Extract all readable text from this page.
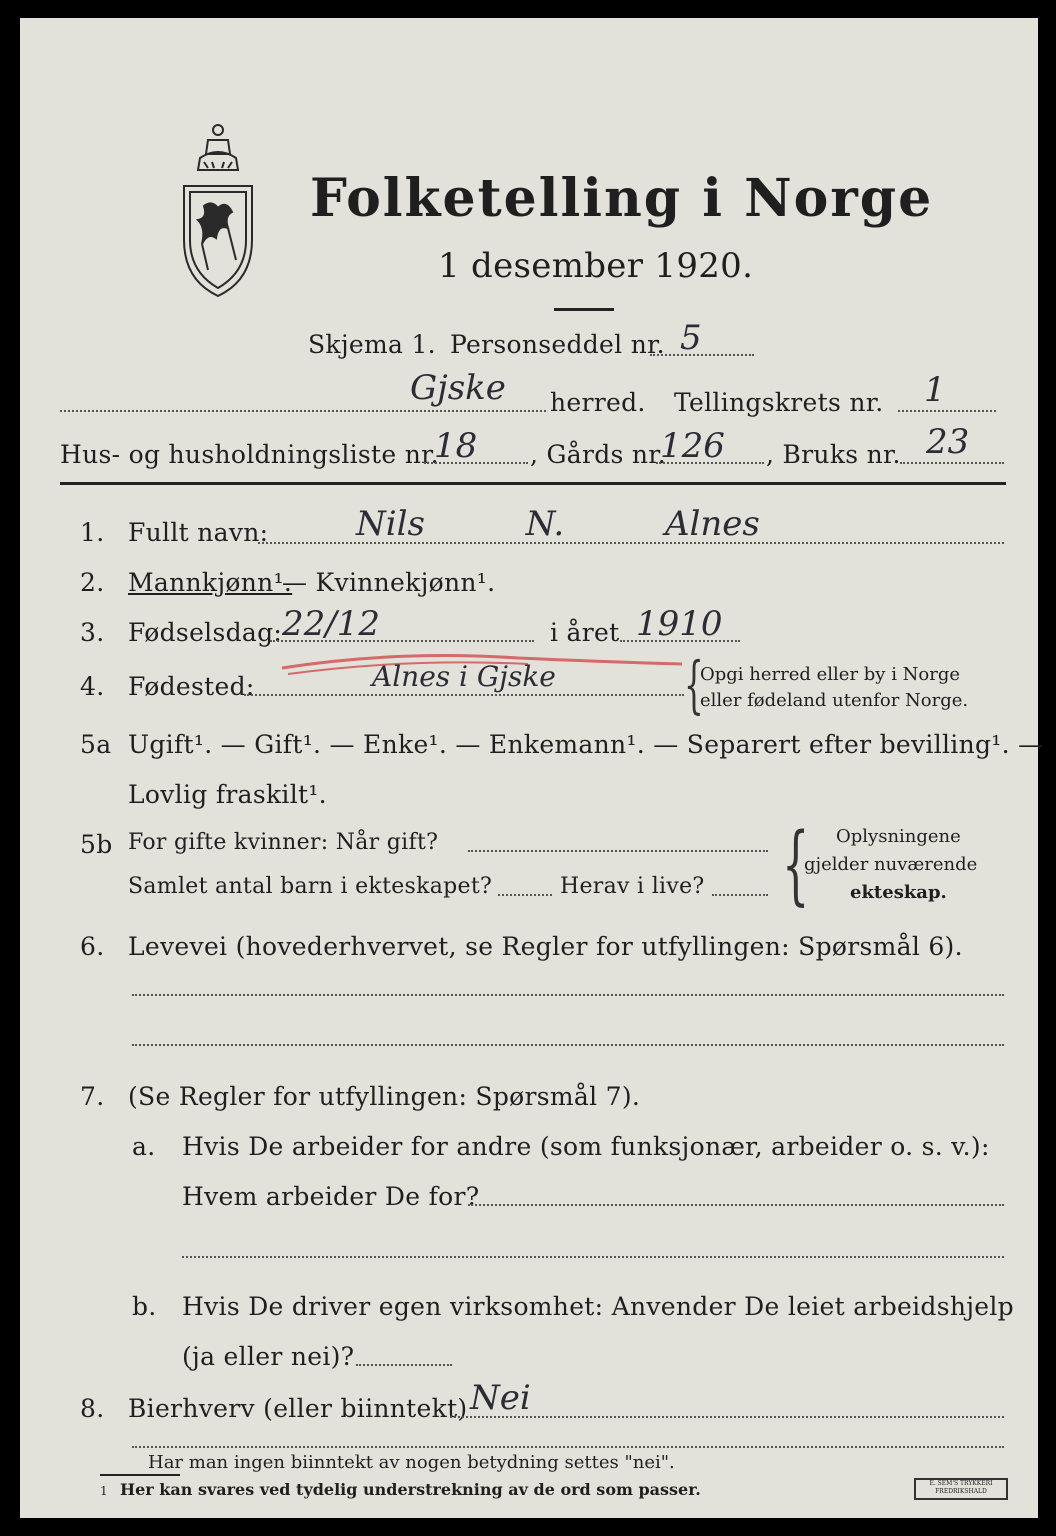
Folketelling i Norge
1 desember 1920.
Skjema 1. Personseddel nr. 5
Gjske herred. Tellingskrets nr. 1
Hus- og husholdningsliste nr.
18 , Gårds nr.
126 , Bruks nr. 23
1. Fullt navn:	Nils N. Alnes
2. Mannkjønn¹.
— Kvinnekjønn¹.
3. Fødselsdag: 22/12	i året 1910
4. Fødested:	Alnes i Gjske {
Opgi herred eller by i Norge
eller fødeland utenfor Norge.
5a Ugift¹. — Gift¹. — Enke¹. — Enkemann¹. — Separert efter bevilling¹. —
Lovlig fraskilt¹.
5b For gifte kvinner: Når gift?
Samlet antal barn i ekteskapet?	Herav i live? { Oplysningene
gjelder nuværende
ekteskap.
6. Levevei (hovederhvervet, se Regler for utfyllingen: Spørsmål 6).
7. (Se Regler for utfyllingen: Spørsmål 7).
a. Hvis De arbeider for andre (som funksjonær, arbeider o. s. v.):
Hvem arbeider De for?
b. Hvis De driver egen virksomhet: Anvender De leiet arbeidshjelp
(ja eller nei)?
8. Bierhverv (eller biinntekt) Nei
Har man ingen biinntekt av nogen betydning settes "nei".
1 Her kan svares ved tydelig understrekning av de ord som passer.	E. SEM'S TRYKKERI FREDRIKSHALD
